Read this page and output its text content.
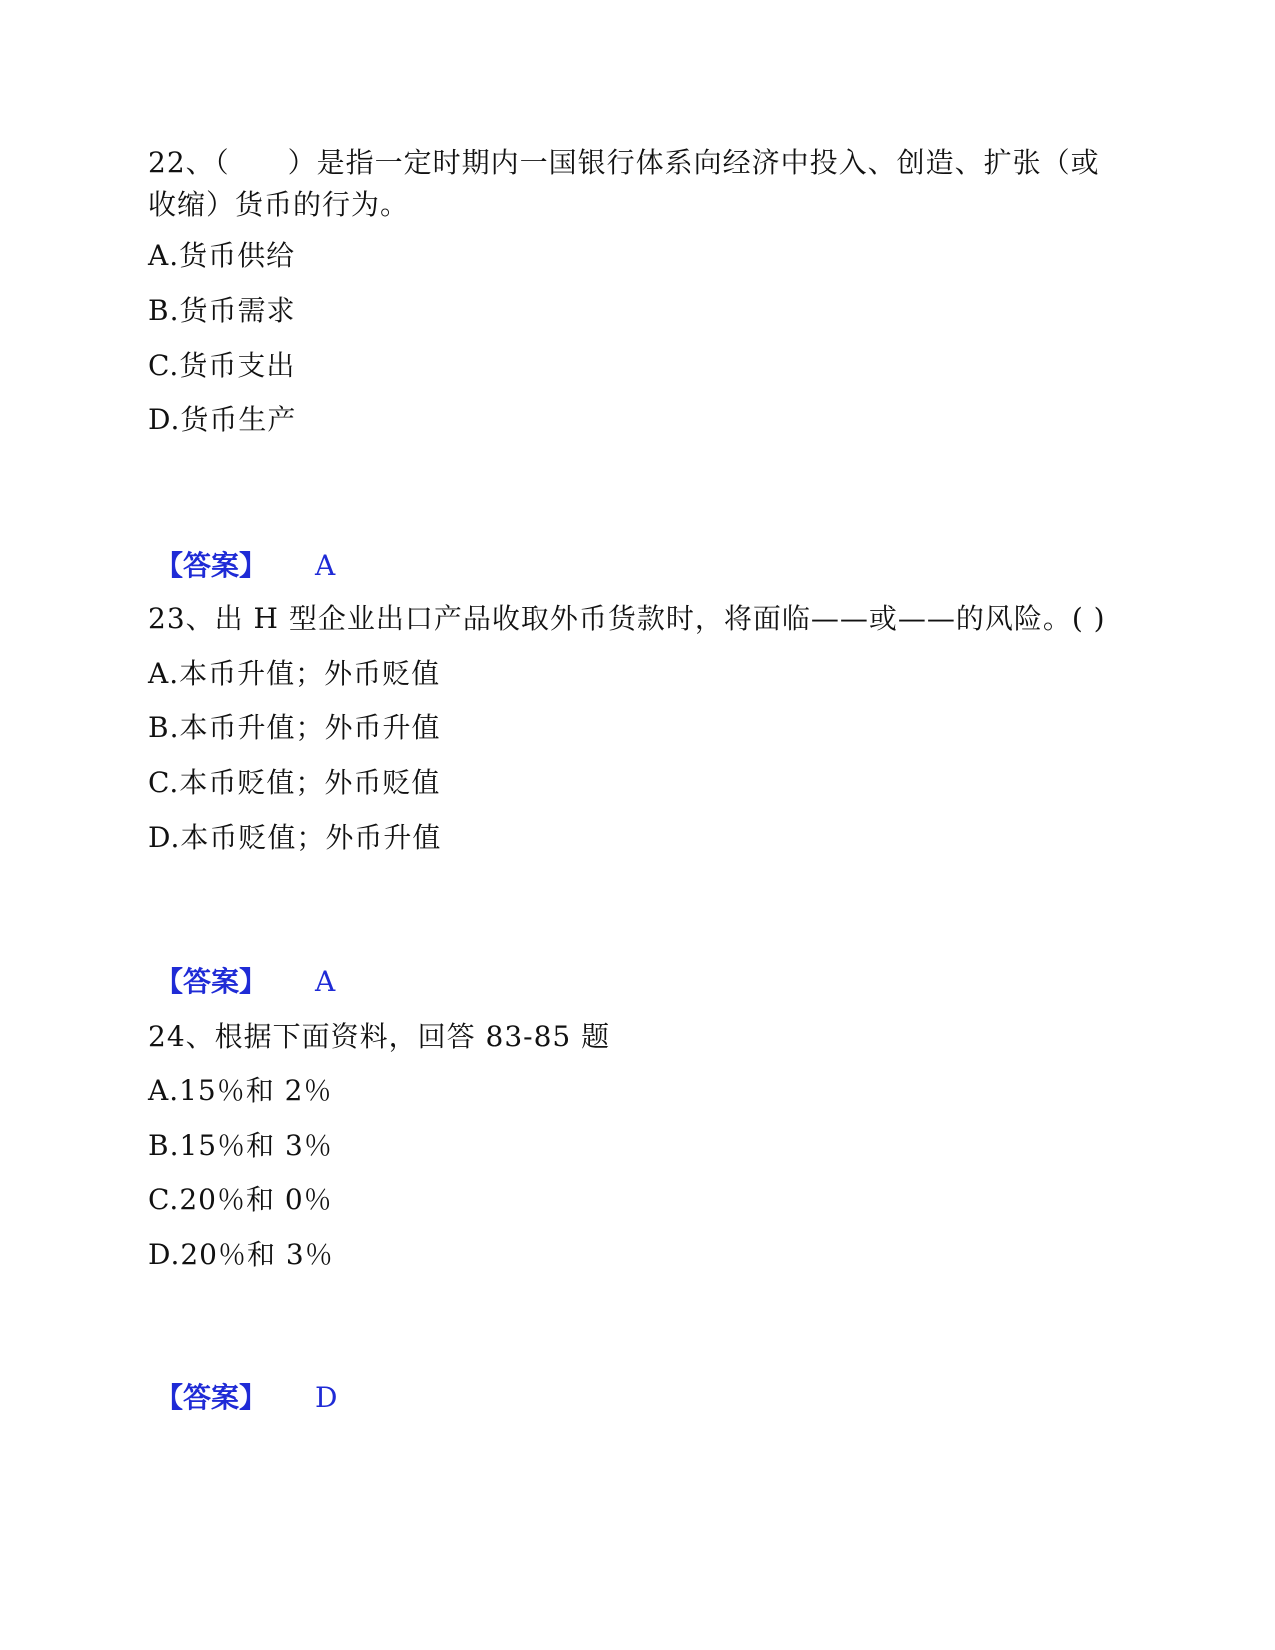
22、（　　）是指一定时期内一国银行体系向经济中投入、创造、扩张（或收缩）货币的行为。
A.货币供给
B.货币需求
C.货币支出
D.货币生产
【答案】 A
23、出 H 型企业出口产品收取外币货款时，将面临——或——的风险。( )
A.本币升值；外币贬值
B.本币升值；外币升值
C.本币贬值；外币贬值
D.本币贬值；外币升值
【答案】 A
24、根据下面资料，回答 83-85 题
A.15％和 2％
B.15％和 3％
C.20％和 0％
D.20％和 3％
【答案】 D
